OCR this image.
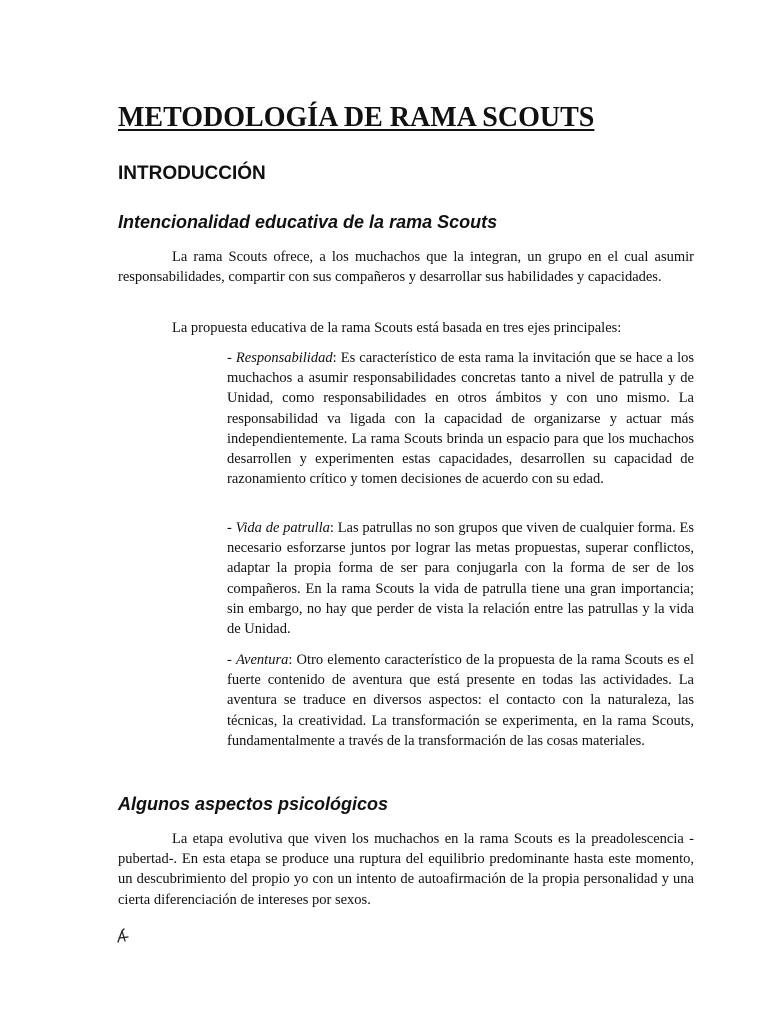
METODOLOGÍA DE RAMA SCOUTS
INTRODUCCIÓN
Intencionalidad educativa de la rama Scouts

La rama Scouts ofrece, a los muchachos que la integran, un grupo en el cual asumir responsabilidades, compartir con sus compañeros y desarrollar sus habilidades y capacidades.

La propuesta educativa de la rama Scouts está basada en tres ejes principales:

- Responsabilidad: Es característico de esta rama la invitación que se hace a los muchachos a asumir responsabilidades concretas tanto a nivel de patrulla y de Unidad, como responsabilidades en otros ámbitos y con uno mismo. La responsabilidad va ligada con la capacidad de organizarse y actuar más independientemente. La rama Scouts brinda un espacio para que los muchachos desarrollen y experimenten estas capacidades, desarrollen su capacidad de razonamiento crítico y tomen decisiones de acuerdo con su edad.

- Vida de patrulla: Las patrullas no son grupos que viven de cualquier forma. Es necesario esforzarse juntos por lograr las metas propuestas, superar conflictos, adaptar la propia forma de ser para conjugarla con la forma de ser de los compañeros. En la rama Scouts la vida de patrulla tiene una gran importancia; sin embargo, no hay que perder de vista la relación entre las patrullas y la vida de Unidad.

- Aventura: Otro elemento característico de la propuesta de la rama Scouts es el fuerte contenido de aventura que está presente en todas las actividades. La aventura se traduce en diversos aspectos: el contacto con la naturaleza, las técnicas, la creatividad. La transformación se experimenta, en la rama Scouts, fundamentalmente a través de la transformación de las cosas materiales.

Algunos aspectos psicológicos

La etapa evolutiva que viven los muchachos en la rama Scouts es la preadolescencia -pubertad-. En esta etapa se produce una ruptura del equilibrio predominante hasta este momento, un descubrimiento del propio yo con un intento de autoafirmación de la propia personalidad y una cierta diferenciación de intereses por sexos.
